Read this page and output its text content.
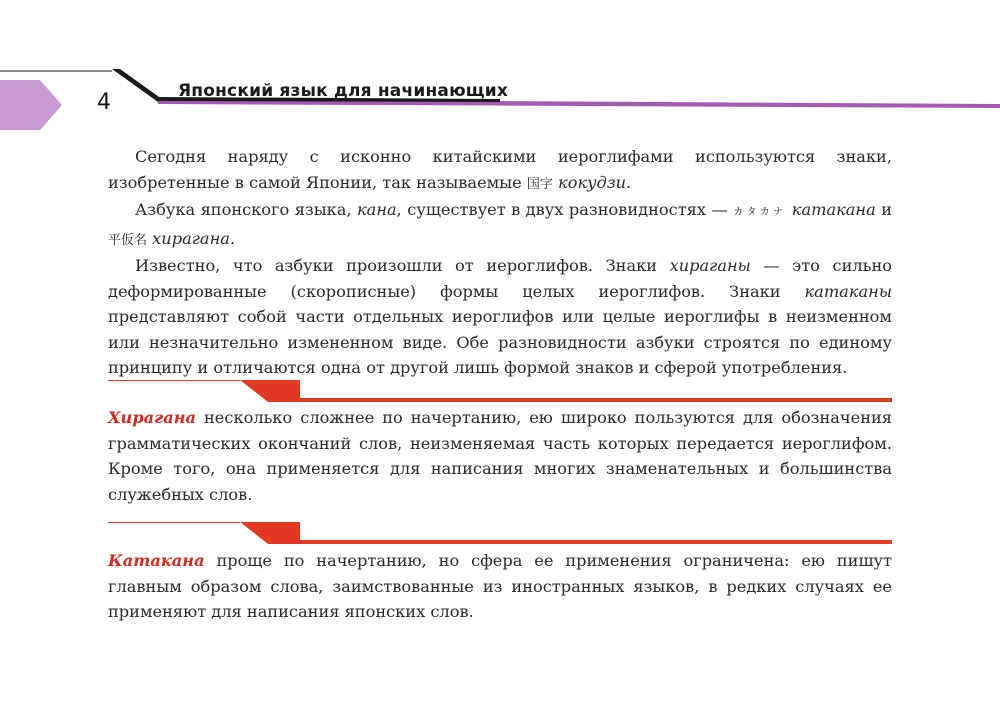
4	Японский язык для начинающих

Сегодня наряду с исконно китайскими иероглифами используются знаки, изобретенные в самой Японии, так называемые 国字 кокудзи.

Азбука японского языка, кана, существует в двух разновидностях — カタカナ катакана и 平仮名 хирагана.

Известно, что азбуки произошли от иероглифов. Знаки хираганы — это сильно деформированные (скорописные) формы целых иероглифов. Знаки катаканы представляют собой части отдельных иероглифов или целые иероглифы в неизменном или незначительно измененном виде. Обе разновидности азбуки строятся по единому принципу и отличаются одна от другой лишь формой знаков и сферой употребления.

Хирагана несколько сложнее по начертанию, ею широко пользуются для обозначения грамматических окончаний слов, неизменяемая часть которых передается иероглифом. Кроме того, она применяется для написания многих знаменательных и большинства служебных слов.

Катакана проще по начертанию, но сфера ее применения ограничена: ею пишут главным образом слова, заимствованные из иностранных языков, в редких случаях ее применяют для написания японских слов.
